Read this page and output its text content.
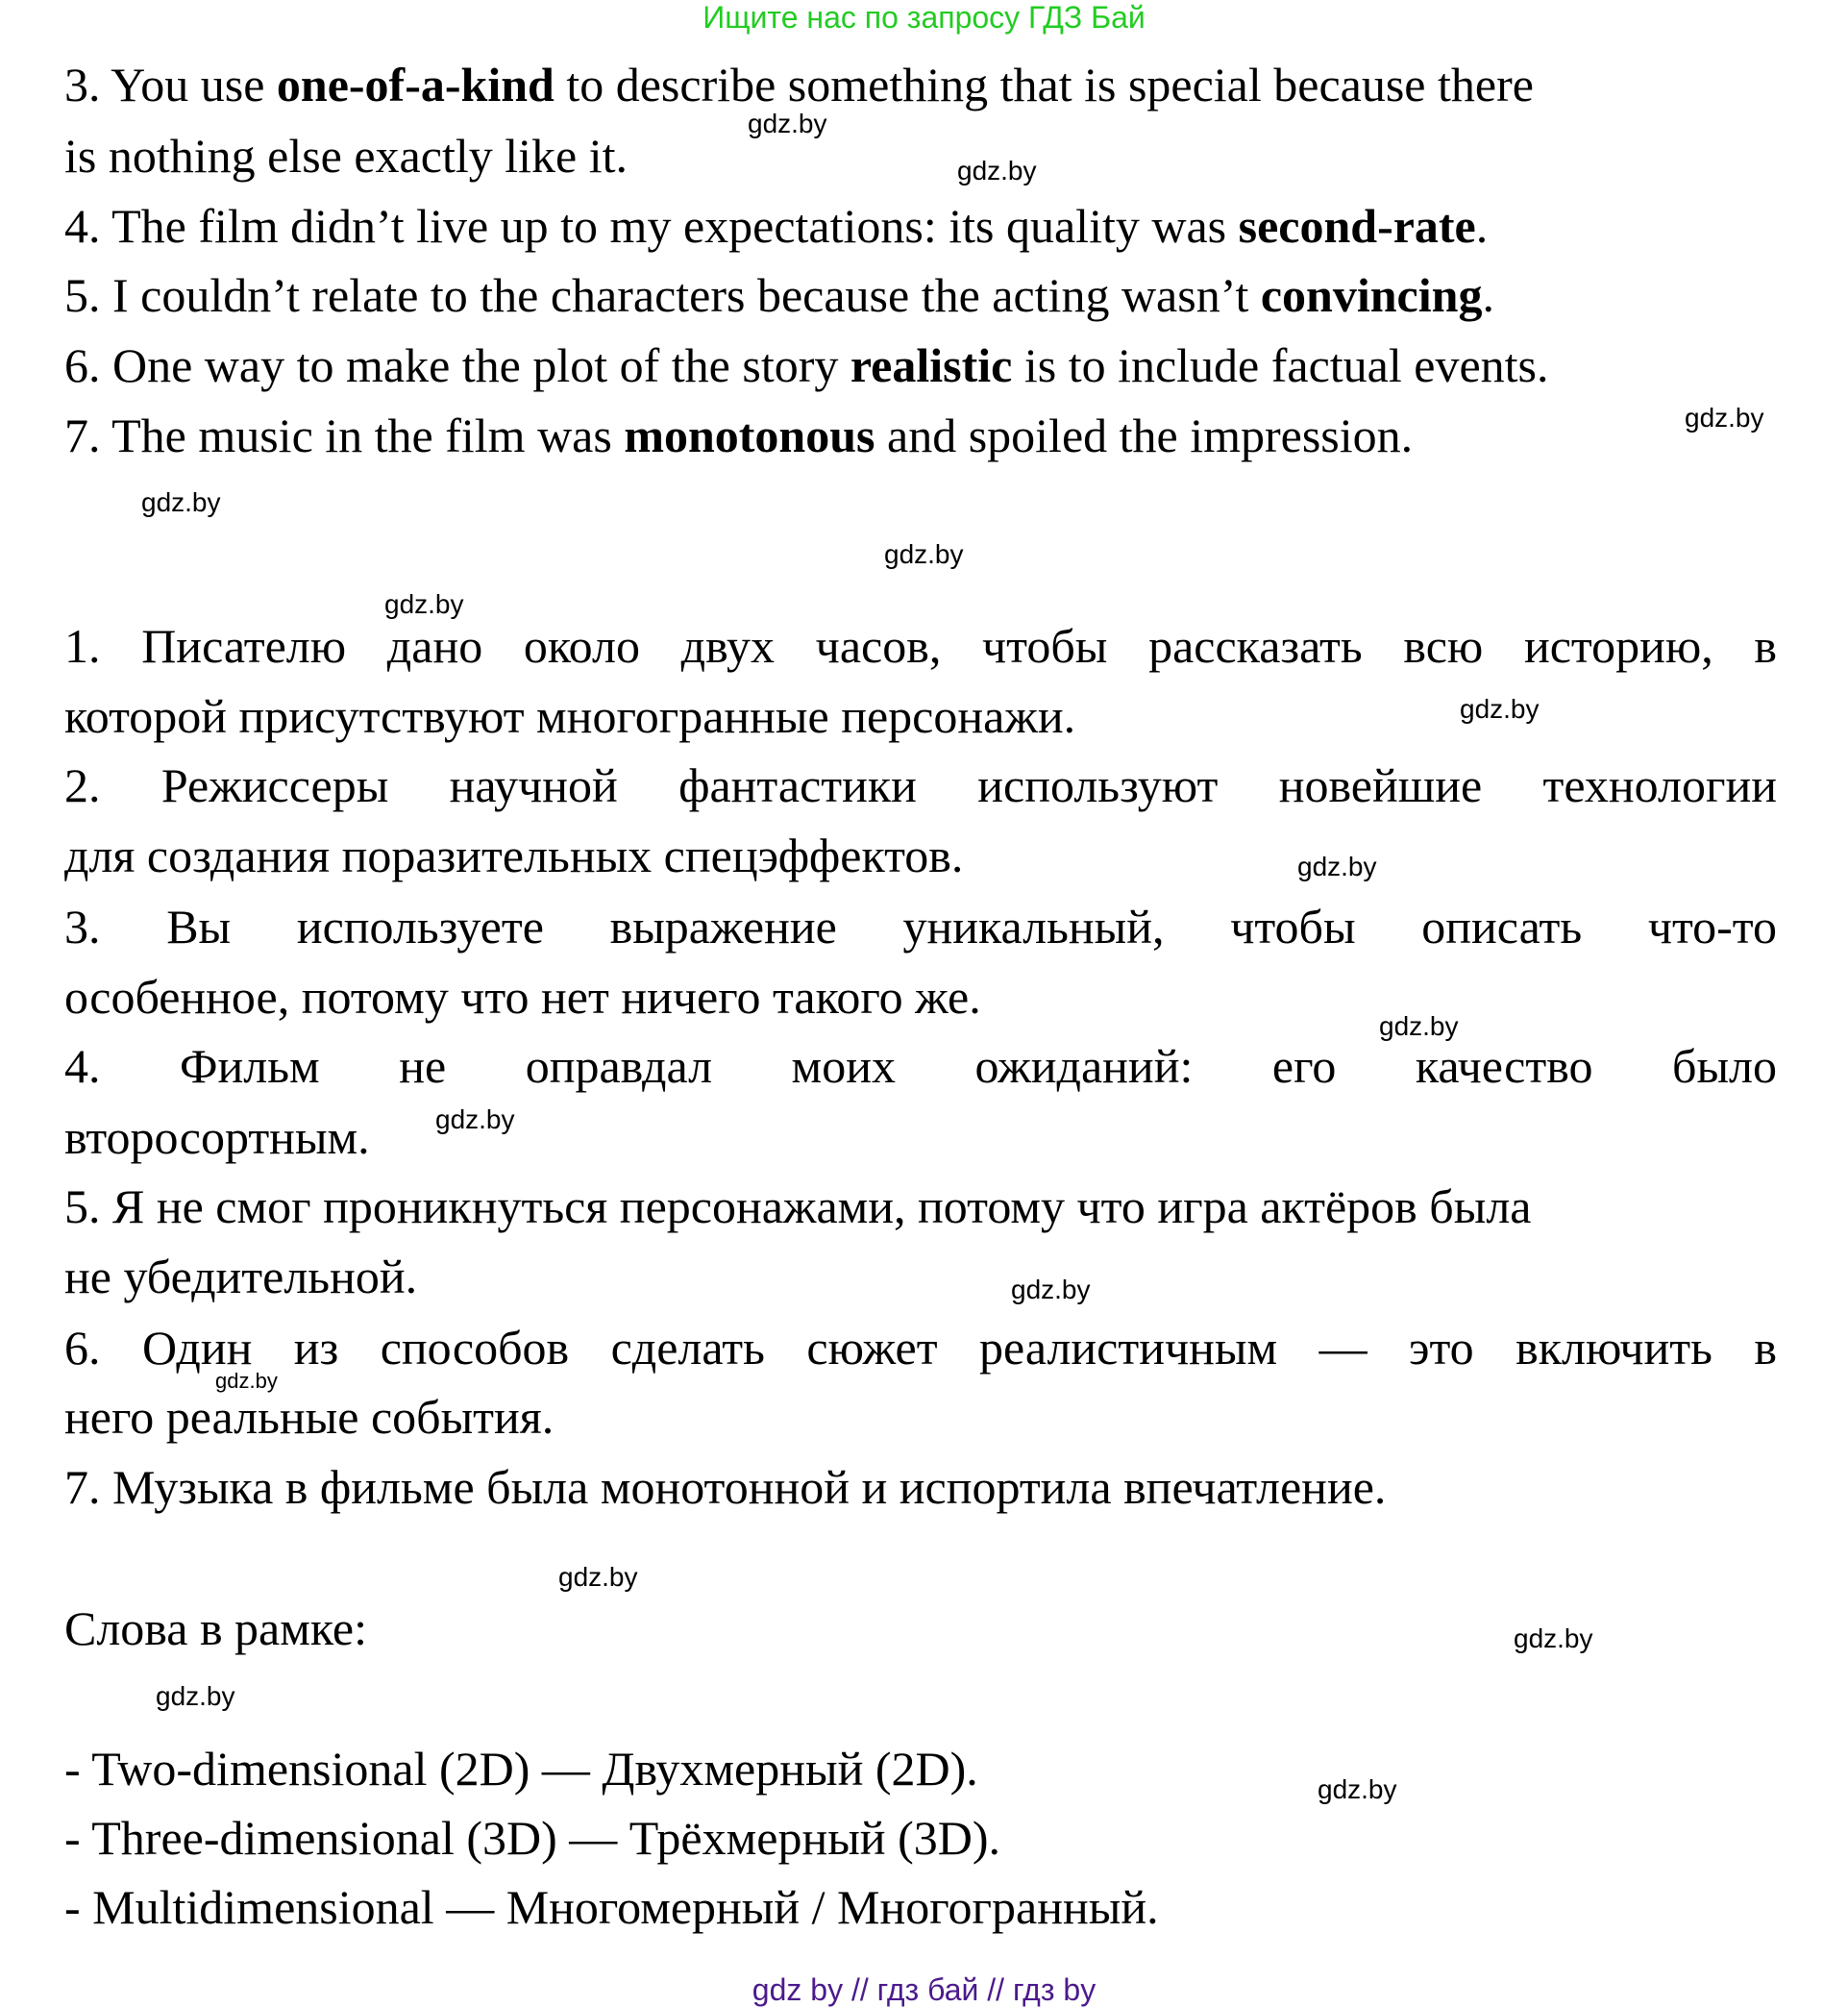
Ищите нас по запросу ГДЗ Бай
3. You use one-of-a-kind to describe something that is special because there
is nothing else exactly like it.
4. The film didn’t live up to my expectations: its quality was second-rate.
5. I couldn’t relate to the characters because the acting wasn’t convincing.
6. One way to make the plot of the story realistic is to include factual events.
7. The music in the film was monotonous and spoiled the impression.
1. Писателю дано около двух часов, чтобы рассказать всю историю, в
которой присутствуют многогранные персонажи.
2. Режиссеры научной фантастики используют новейшие технологии
для создания поразительных спецэффектов.
3. Вы используете выражение уникальный, чтобы описать что-то
особенное, потому что нет ничего такого же.
4. Фильм не оправдал моих ожиданий: его качество было
второсортным.
5. Я не смог проникнуться персонажами, потому что игра актёров была
не убедительной.
6. Один из способов сделать сюжет реалистичным — это включить в
него реальные события.
7. Музыка в фильме была монотонной и испортила впечатление.
Слова в рамке:
- Two-dimensional (2D) — Двухмерный (2D).
- Three-dimensional (3D) — Трёхмерный (3D).
- Multidimensional — Многомерный / Многогранный.
gdz.by
gdz.by
gdz.by
gdz.by
gdz.by
gdz.by
gdz.by
gdz.by
gdz.by
gdz.by
gdz.by
gdz.by
gdz.by
gdz.by
gdz.by
gdz.by
gdz by // гдз бай // гдз by
